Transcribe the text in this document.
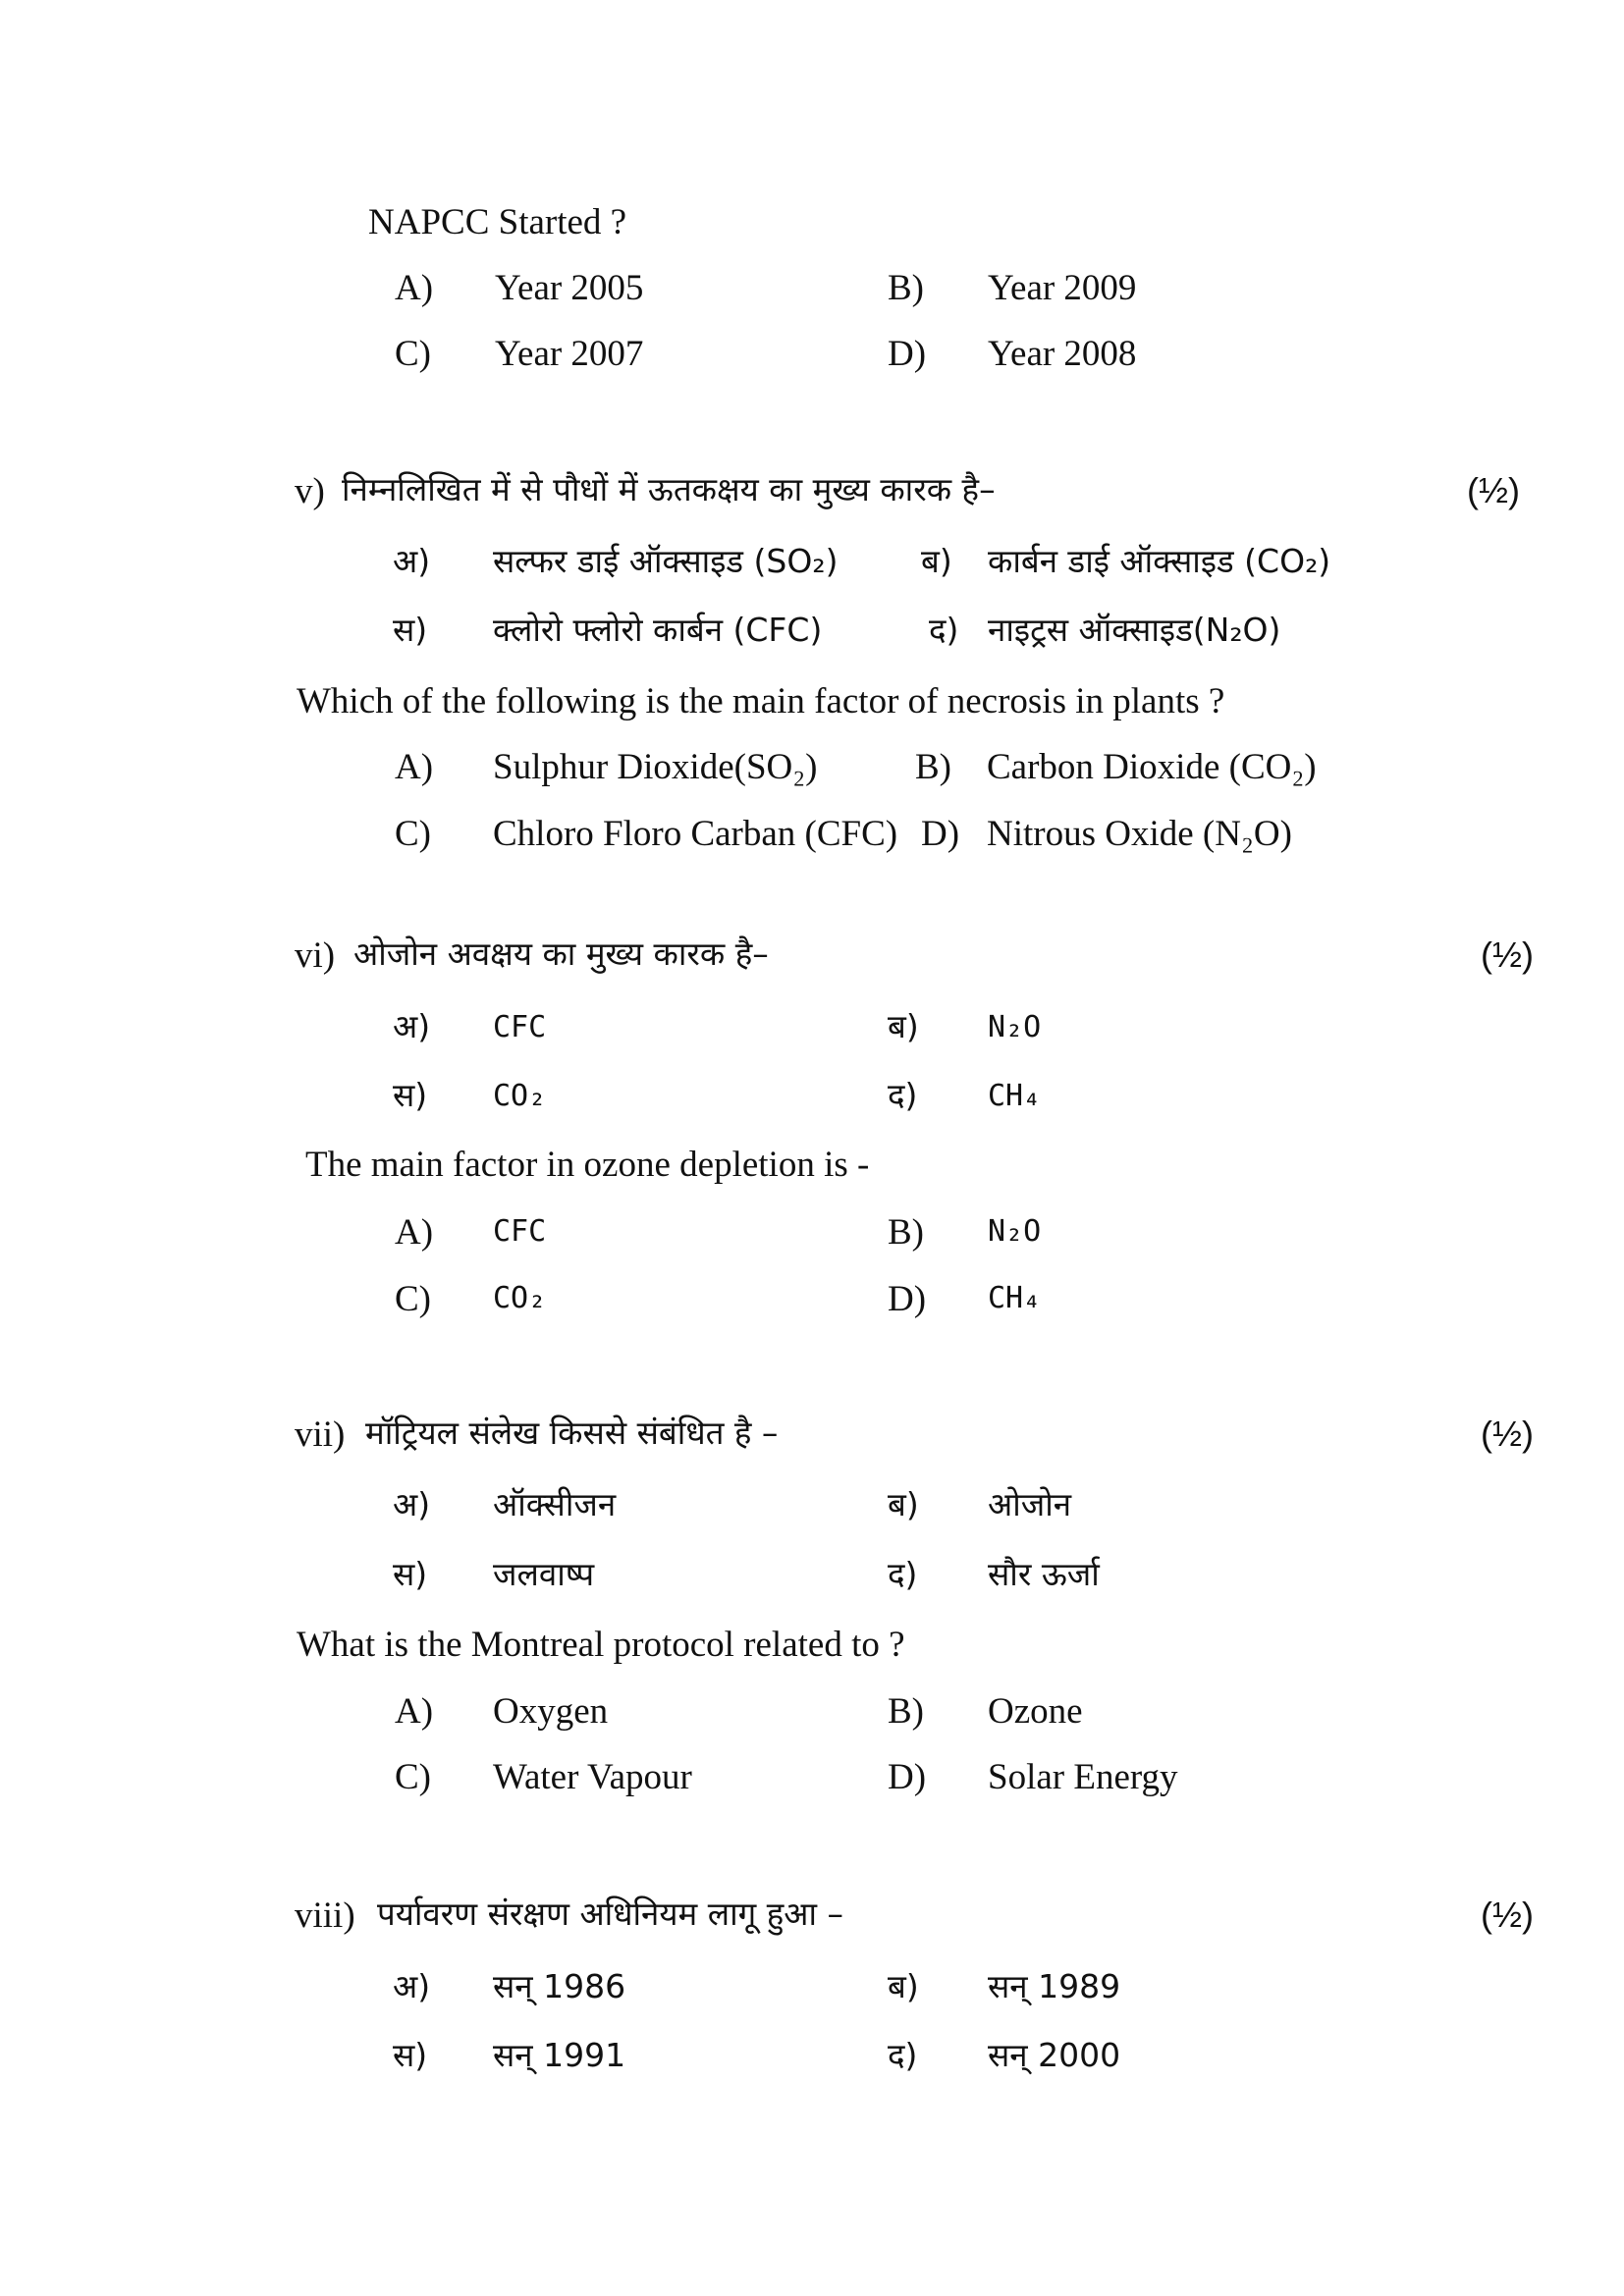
NAPCC Started ?
A) Year 2005	B) Year 2009
C) Year 2007	D) Year 2008
v) निम्नलिखित में से पौधों में ऊतकक्षय का मुख्य कारक है–	(½)
अ) सल्फर डाई ऑक्साइड (SO₂)	ब) कार्बन डाई ऑक्साइड (CO₂)
स) क्लोरो फ्लोरो कार्बन (CFC)	द) नाइट्रस ऑक्साइड(N₂O)
Which of the following is the main factor of necrosis in plants ?
A) Sulphur Dioxide(SO₂)	B) Carbon Dioxide (CO₂)
C) Chloro Floro Carban (CFC) D) Nitrous Oxide (N₂O)
vi) ओजोन अवक्षय का मुख्य कारक है–	(½)
अ) CFC	ब) N₂O
स) CO₂	द) CH₄
The main factor in ozone depletion is -
A) CFC	B) N₂O
C) CO₂	D) CH₄
vii) मॉट्रियल संलेख किससे संबंधित है –	(½)
अ) ऑक्सीजन	ब) ओजोन
स) जलवाष्प	द) सौर ऊर्जा
What is the Montreal protocol related to ?
A) Oxygen	B) Ozone
C) Water Vapour	D) Solar Energy
viii) पर्यावरण संरक्षण अधिनियम लागू हुआ –	(½)
अ) सन् 1986	ब) सन् 1989
स) सन् 1991	द) सन् 2000
